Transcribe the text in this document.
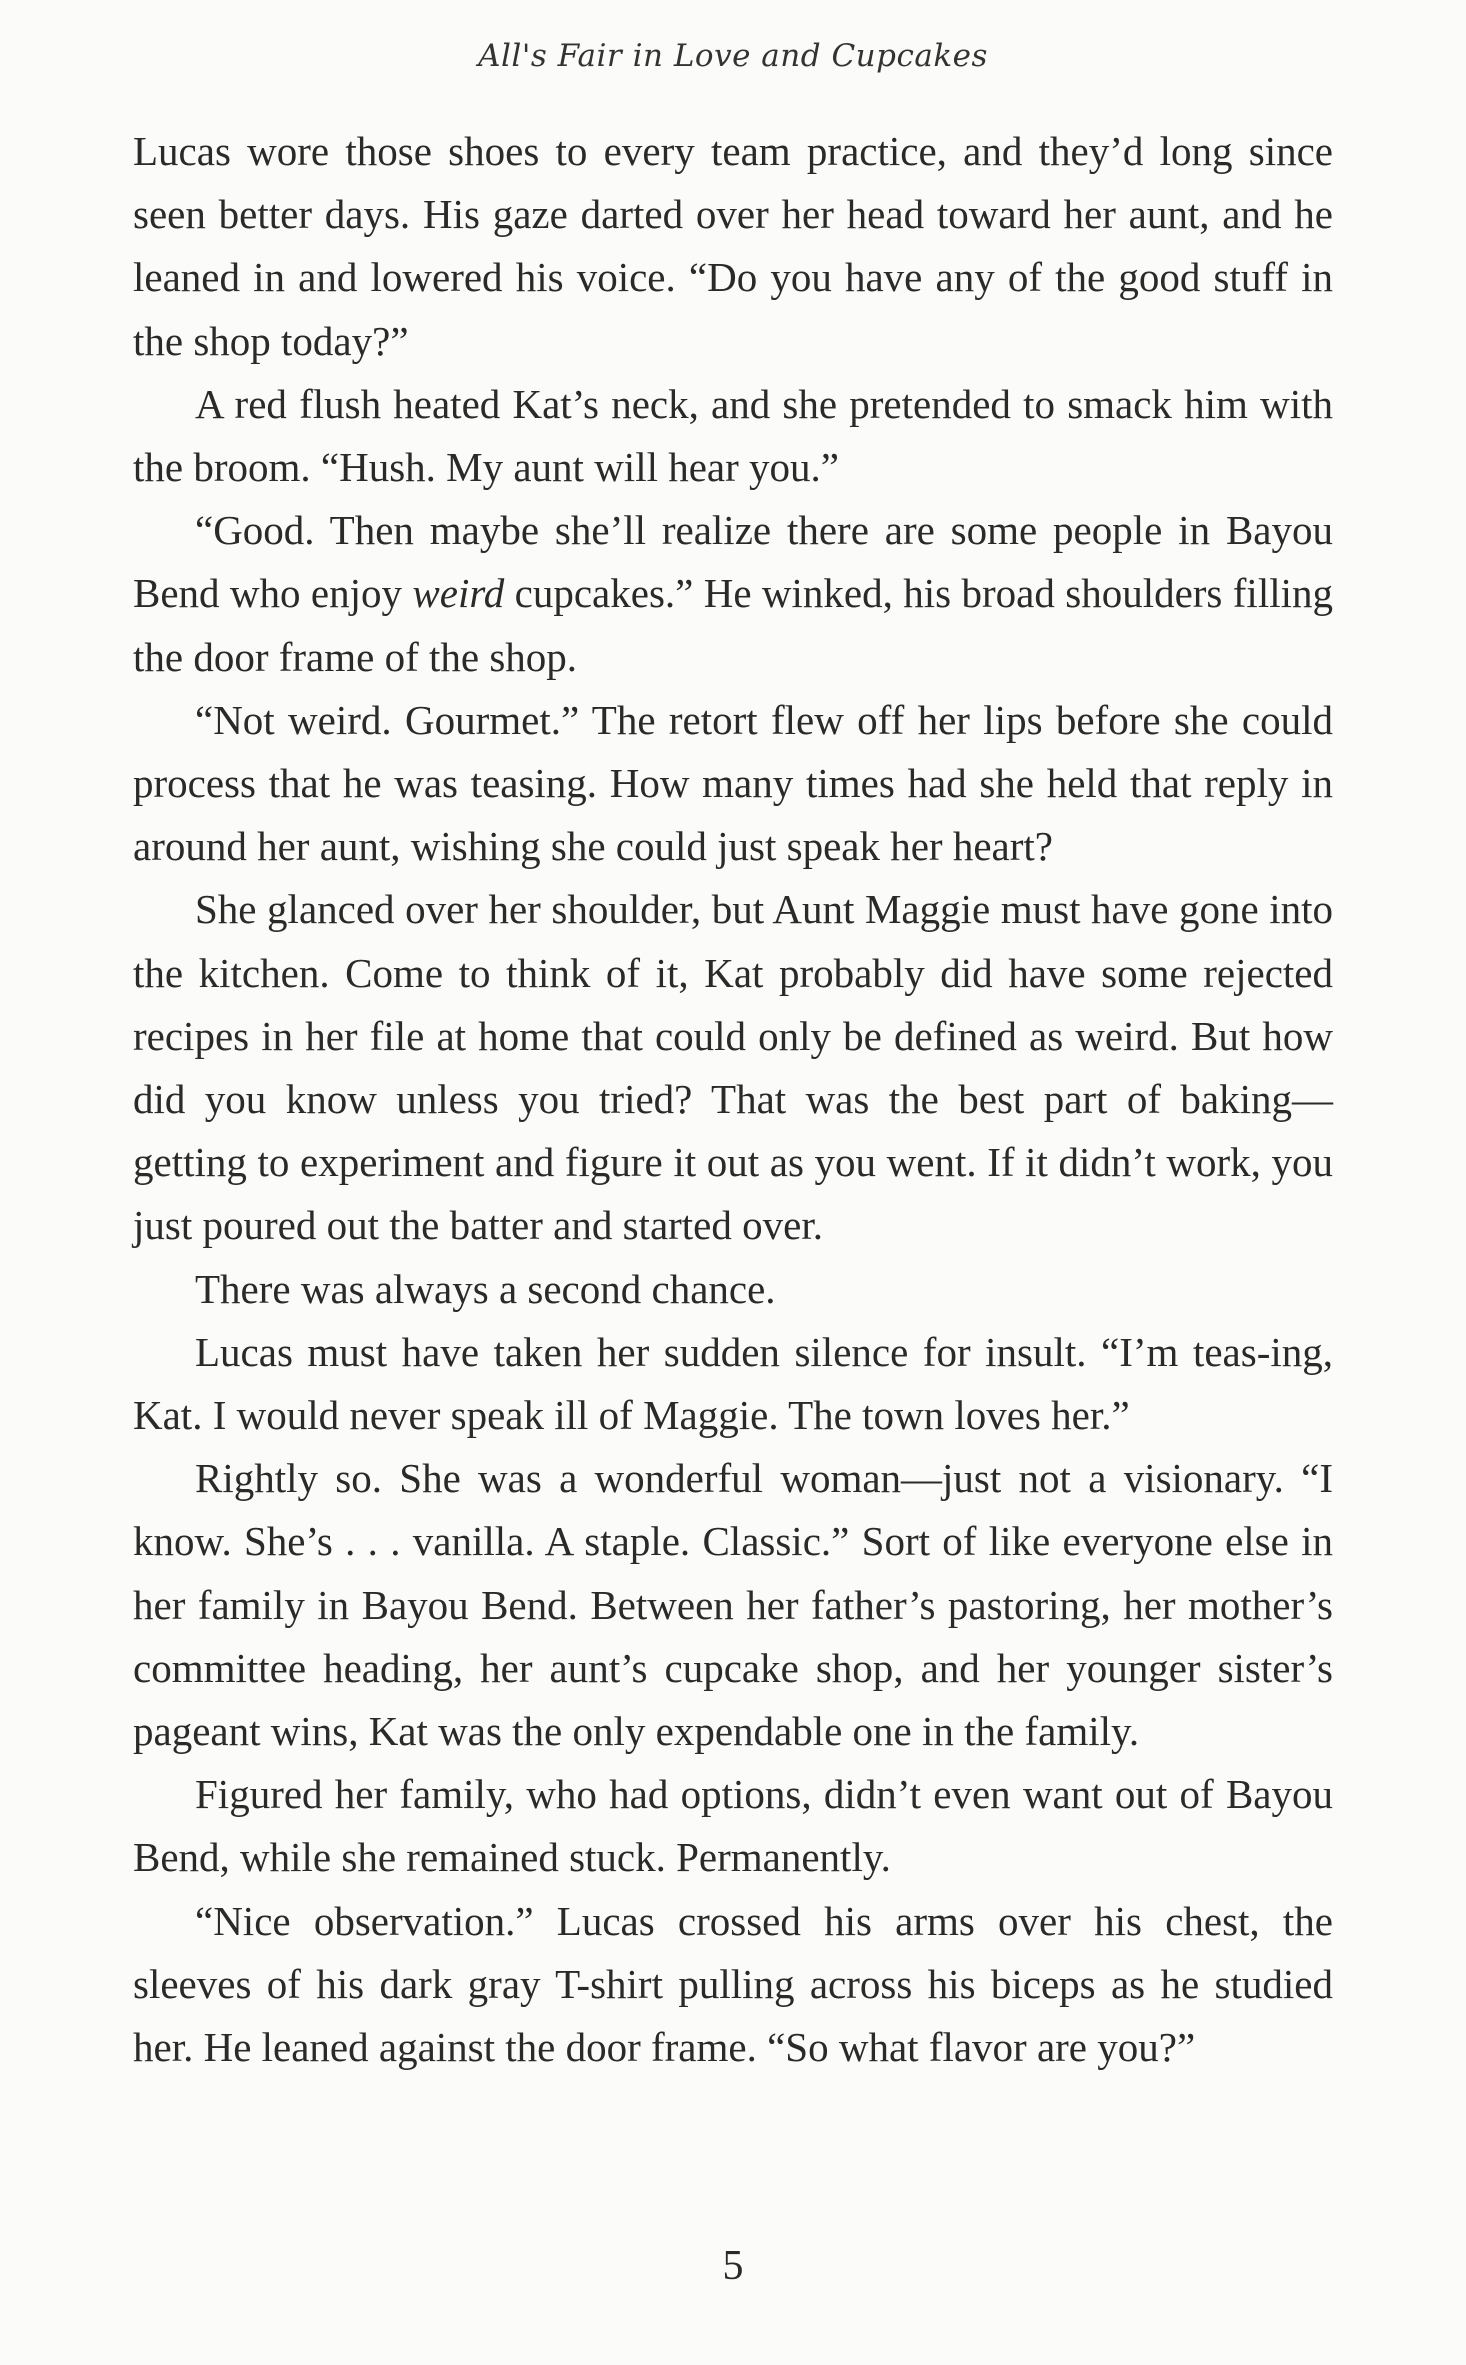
All's Fair in Love and Cupcakes

Lucas wore those shoes to every team practice, and they’d long since seen better days. His gaze darted over her head toward her aunt, and he leaned in and lowered his voice. “Do you have any of the good stuff in the shop today?”

A red flush heated Kat’s neck, and she pretended to smack him with the broom. “Hush. My aunt will hear you.”

“Good. Then maybe she’ll realize there are some people in Bayou Bend who enjoy weird cupcakes.” He winked, his broad shoulders filling the door frame of the shop.

“Not weird. Gourmet.” The retort flew off her lips before she could process that he was teasing. How many times had she held that reply in around her aunt, wishing she could just speak her heart?

She glanced over her shoulder, but Aunt Maggie must have gone into the kitchen. Come to think of it, Kat probably did have some rejected recipes in her file at home that could only be defined as weird. But how did you know unless you tried? That was the best part of baking—getting to experiment and figure it out as you went. If it didn’t work, you just poured out the batter and started over.

There was always a second chance.

Lucas must have taken her sudden silence for insult. “I’m teas-ing, Kat. I would never speak ill of Maggie. The town loves her.”

Rightly so. She was a wonderful woman—just not a visionary. “I know. She’s . . . vanilla. A staple. Classic.” Sort of like everyone else in her family in Bayou Bend. Between her father’s pastoring, her mother’s committee heading, her aunt’s cupcake shop, and her younger sister’s pageant wins, Kat was the only expendable one in the family.

Figured her family, who had options, didn’t even want out of Bayou Bend, while she remained stuck. Permanently.

“Nice observation.” Lucas crossed his arms over his chest, the sleeves of his dark gray T-shirt pulling across his biceps as he studied her. He leaned against the door frame. “So what flavor are you?”

5
